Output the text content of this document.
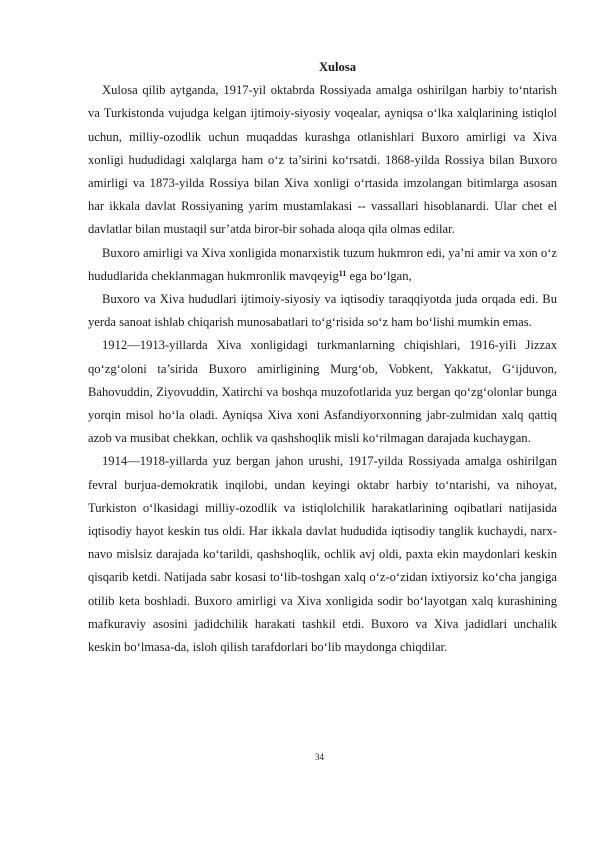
Xulosa

Xulosa qilib aytganda, 1917-yil oktabrda Rossiyada amalga oshirilgan harbiy to‘ntarish va Turkistonda vujudga kelgan ijtimoiy-siyosiy voqealar, ayniqsa o‘lka xalqlarining istiqlol uchun, milliy-ozodlik uchun muqaddas kurashga otlanishlari Buxoro amirligi va Xiva xonligi hududidagi xalqlarga ham o‘z ta’sirini ko‘rsatdi. 1868-yilda Rossiya bilan Buxoro amirligi va 1873-yilda Rossiya bilan Xiva xonligi o‘rtasida imzolangan bitimlarga asosan har ikkala davlat Rossiyaning yarim mustamlakasi -- vassallari hisoblanardi. Ular chet el davlatlar bilan mustaqil sur’atda biror-bir sohada aloqa qila olmas edilar.

Buxoro amirligi va Xiva xonligida monarxistik tuzum hukmron edi, ya’ni amir va xon o‘z hududlarida cheklanmagan hukmronlik mavqeyig$^{11}$ ega bo‘lgan,

Buxoro va Xiva hududlari ijtimoiy-siyosiy va iqtisodiy taraqqiyotda juda orqada edi. Bu yerda sanoat ishlab chiqarish munosabatlari to‘g‘risida so‘z ham bo‘lishi mumkin emas.

1912—1913-yillarda Xiva xonligidagi turkmanlarning chiqishlari, 1916-yiIi Jizzax qo‘zg‘oloni ta’sirida Buxoro amirligining Murg‘ob, Vobkent, Yakkatut, G‘ijduvon, Bahovuddin, Ziyovuddin, Xatirchi va boshqa muzofotlarida yuz bergan qo‘zg‘olonlar bunga yorqin misol ho‘la oladi. Ayniqsa Xiva xoni Asfandiyorxonning jabr-zulmidan xalq qattiq azob va musibat chekkan, ochlik va qashshoqlik misli ko‘rilmagan darajada kuchaygan.

1914—1918-yillarda yuz bergan jahon urushi, 1917-yilda Rossiyada amalga oshirilgan fevral burjua-demokratik inqilobi, undan keyingi oktabr harbiy to‘ntarishi, va nihoyat, Turkiston o‘lkasidagi milliy-ozodlik va istiqlolchilik harakatlarining oqibatlari natijasida iqtisodiy hayot keskin tus oldi. Har ikkala davlat hududida iqtisodiy tanglik kuchaydi, narx-navo mislsiz darajada ko‘tarildi, qashshoqlik, ochlik avj oldi, paxta ekin maydonlari keskin qisqarib ketdi. Natijada sabr kosasi to‘lib-toshgan xalq o‘z-o‘zidan ixtiyorsiz ko‘cha jangiga otilib keta boshladi. Buxoro amirligi va Xiva xonligida sodir bo‘layotgan xalq kurashining mafkuraviy asosini jadidchilik harakati tashkil etdi. Buxoro va Xiva jadidlari unchalik keskin bo‘lmasa-da, isloh qilish tarafdorlari bo‘lib maydonga chiqdilar.

34
